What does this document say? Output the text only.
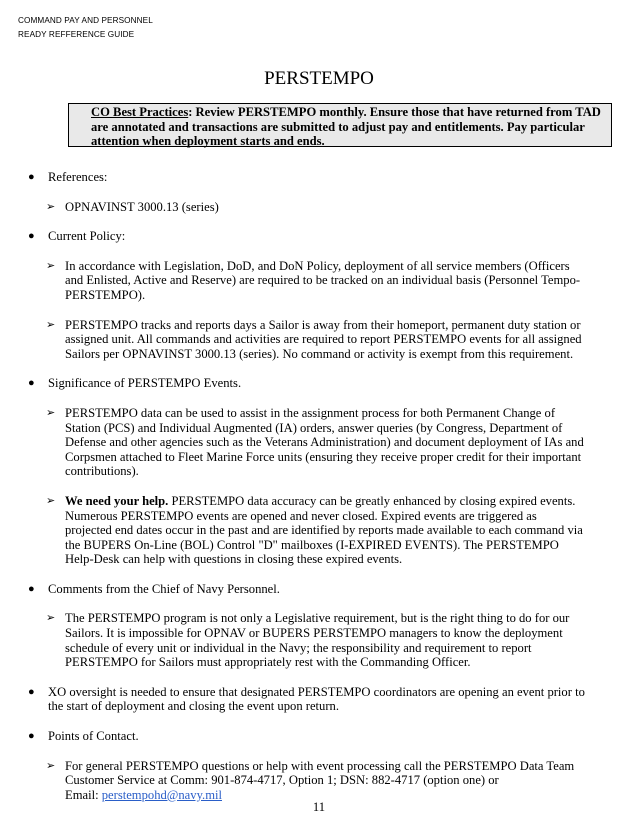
COMMAND PAY AND PERSONNEL
READY REFFERENCE GUIDE
PERSTEMPO
CO Best Practices: Review PERSTEMPO monthly. Ensure those that have returned from TAD are annotated and transactions are submitted to adjust pay and entitlements. Pay particular attention when deployment starts and ends.
● References:
➢ OPNAVINST 3000.13 (series)
● Current Policy:
➢ In accordance with Legislation, DoD, and DoN Policy, deployment of all service members (Officers and Enlisted, Active and Reserve) are required to be tracked on an individual basis (Personnel Tempo-PERSTEMPO).
➢ PERSTEMPO tracks and reports days a Sailor is away from their homeport, permanent duty station or assigned unit. All commands and activities are required to report PERSTEMPO events for all assigned Sailors per OPNAVINST 3000.13 (series). No command or activity is exempt from this requirement.
● Significance of PERSTEMPO Events.
➢ PERSTEMPO data can be used to assist in the assignment process for both Permanent Change of Station (PCS) and Individual Augmented (IA) orders, answer queries (by Congress, Department of Defense and other agencies such as the Veterans Administration) and document deployment of IAs and Corpsmen attached to Fleet Marine Force units (ensuring they receive proper credit for their important contributions).
➢ We need your help. PERSTEMPO data accuracy can be greatly enhanced by closing expired events. Numerous PERSTEMPO events are opened and never closed. Expired events are triggered as projected end dates occur in the past and are identified by reports made available to each command via the BUPERS On-Line (BOL) Control "D" mailboxes (I-EXPIRED EVENTS). The PERSTEMPO Help-Desk can help with questions in closing these expired events.
● Comments from the Chief of Navy Personnel.
➢ The PERSTEMPO program is not only a Legislative requirement, but is the right thing to do for our Sailors. It is impossible for OPNAV or BUPERS PERSTEMPO managers to know the deployment schedule of every unit or individual in the Navy; the responsibility and requirement to report PERSTEMPO for Sailors must appropriately rest with the Commanding Officer.
● XO oversight is needed to ensure that designated PERSTEMPO coordinators are opening an event prior to the start of deployment and closing the event upon return.
● Points of Contact.
➢ For general PERSTEMPO questions or help with event processing call the PERSTEMPO Data Team Customer Service at Comm: 901-874-4717, Option 1; DSN: 882-4717 (option one) or
Email: perstempohd@navy.mil
11
